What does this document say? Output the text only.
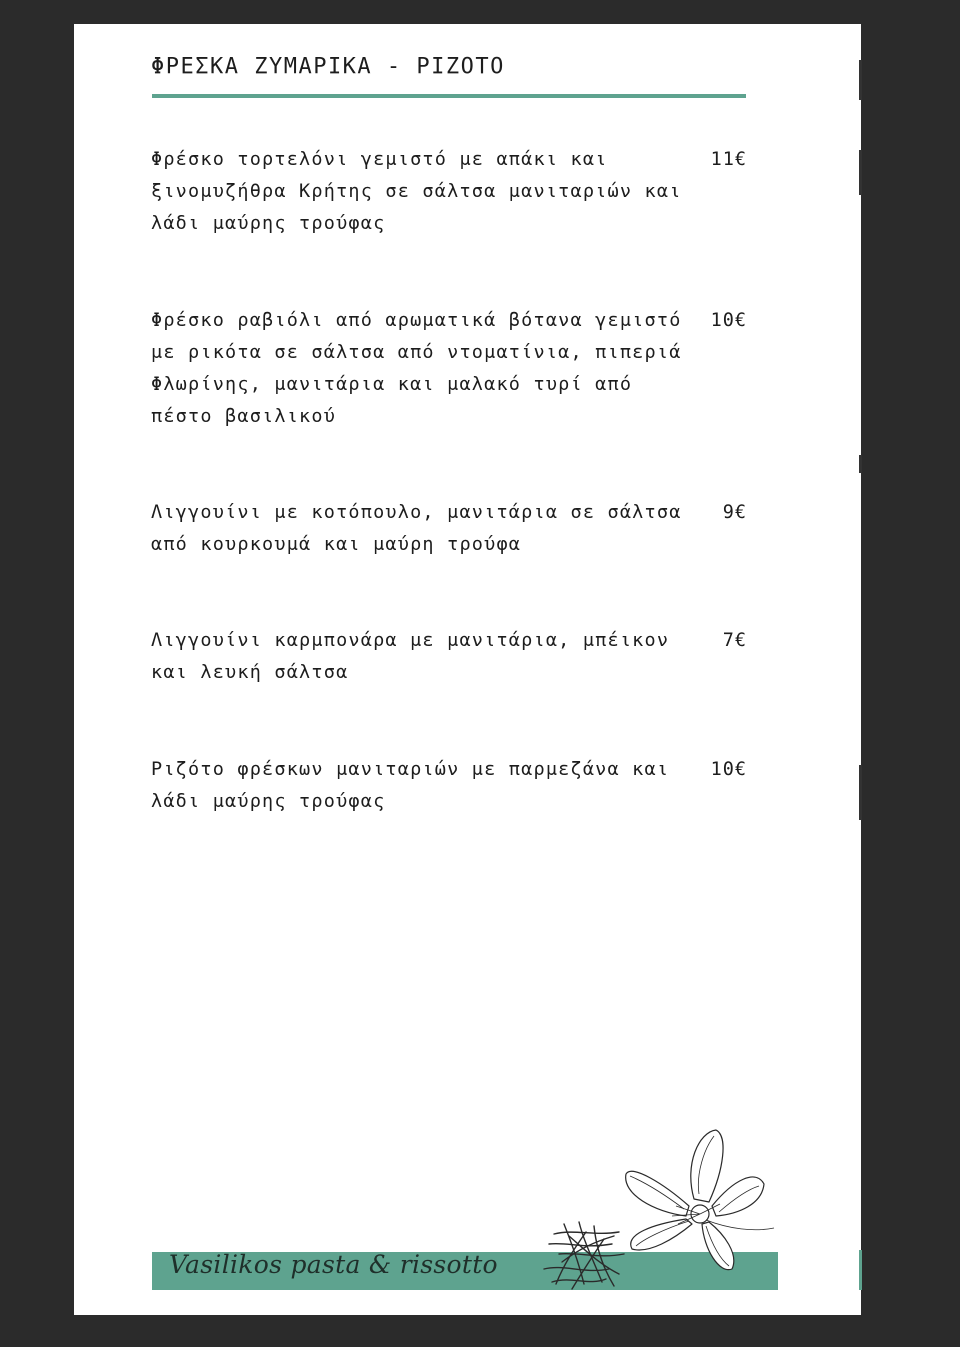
ΦΡΕΣΚΑ ΖΥΜΑΡΙΚΑ - ΡΙΖΟΤΟ
Φρέσκο τορτελόνι γεμιστό με απάκι και ξινομυζήθρα Κρήτης σε σάλτσα μανιταριών και λάδι μαύρης τρούφας
11€
Φρέσκο ραβιόλι από αρωματικά βότανα γεμιστό με ρικότα σε σάλτσα από ντοματίνια, πιπεριά Φλωρίνης, μανιτάρια και μαλακό τυρί από πέστο βασιλικού
10€
Λιγγουίνι με κοτόπουλο, μανιτάρια σε σάλτσα από κουρκουμά και μαύρη τρούφα
9€
Λιγγουίνι καρμπονάρα με μανιτάρια, μπέικον και λευκή σάλτσα
7€
Ριζότο φρέσκων μανιταριών με παρμεζάνα και λάδι μαύρης τρούφας
10€
Vasilikos pasta & rissotto
